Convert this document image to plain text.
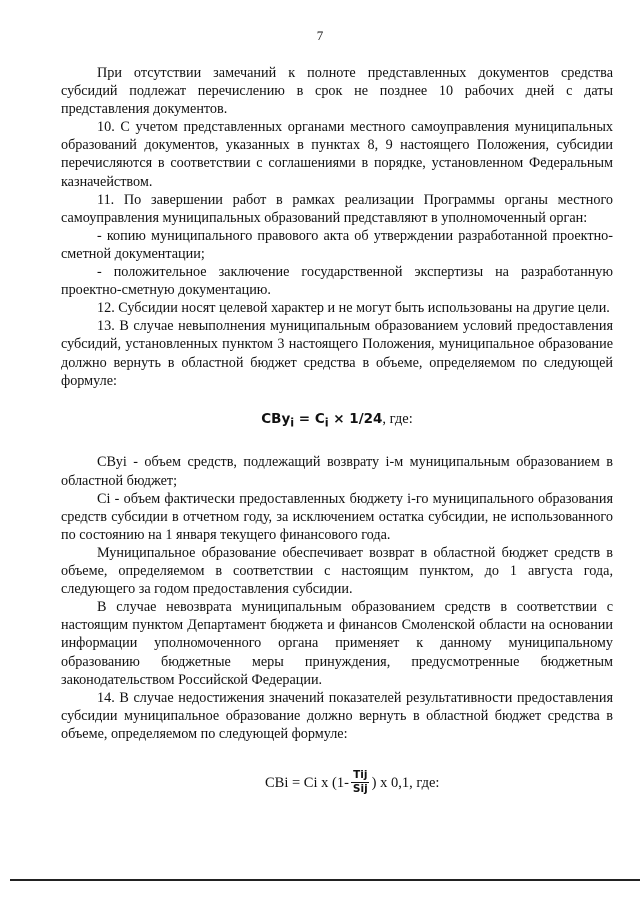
7

При отсутствии замечаний к полноте представленных документов средства субсидий подлежат перечислению в срок не позднее 10 рабочих дней с даты представления документов.

10. С учетом представленных органами местного самоуправления муниципальных образований документов, указанных в пунктах 8, 9 настоящего Положения, субсидии перечисляются в соответствии с соглашениями в порядке, установленном Федеральным казначейством.

11. По завершении работ в рамках реализации Программы органы местного самоуправления муниципальных образований представляют в уполномоченный орган:

- копию муниципального правового акта об утверждении разработанной проектно-сметной документации;

- положительное заключение государственной экспертизы на разработанную проектно-сметную документацию.

12. Субсидии носят целевой характер и не могут быть использованы на другие цели.

13. В случае невыполнения муниципальным образованием условий предоставления субсидий, установленных пунктом 3 настоящего Положения, муниципальное образование должно вернуть в областной бюджет средства в объеме, определяемом по следующей формуле:

$СВу_i = С_i \times 1/24$, где:

СВуi - объем средств, подлежащий возврату i-м муниципальным образованием в областной бюджет;

Сi - объем фактически предоставленных бюджету i-го муниципального образования средств субсидии в отчетном году, за исключением остатка субсидии, не использованного по состоянию на 1 января текущего финансового года.

Муниципальное образование обеспечивает возврат в областной бюджет средств в объеме, определяемом в соответствии с настоящим пунктом, до 1 августа года, следующего за годом предоставления субсидии.

В случае невозврата муниципальным образованием средств в соответствии с настоящим пунктом Департамент бюджета и финансов Смоленской области на основании информации уполномоченного органа применяет к данному муниципальному образованию бюджетные меры принуждения, предусмотренные бюджетным законодательством Российской Федерации.

14. В случае недостижения значений показателей результативности предоставления субсидии муниципальное образование должно вернуть в областной бюджет средства в объеме, определяемом по следующей формуле:

СВi = Сi x ($1- \frac{\text{Tij}}{\text{Sij}}$ ) x 0,1, где:
